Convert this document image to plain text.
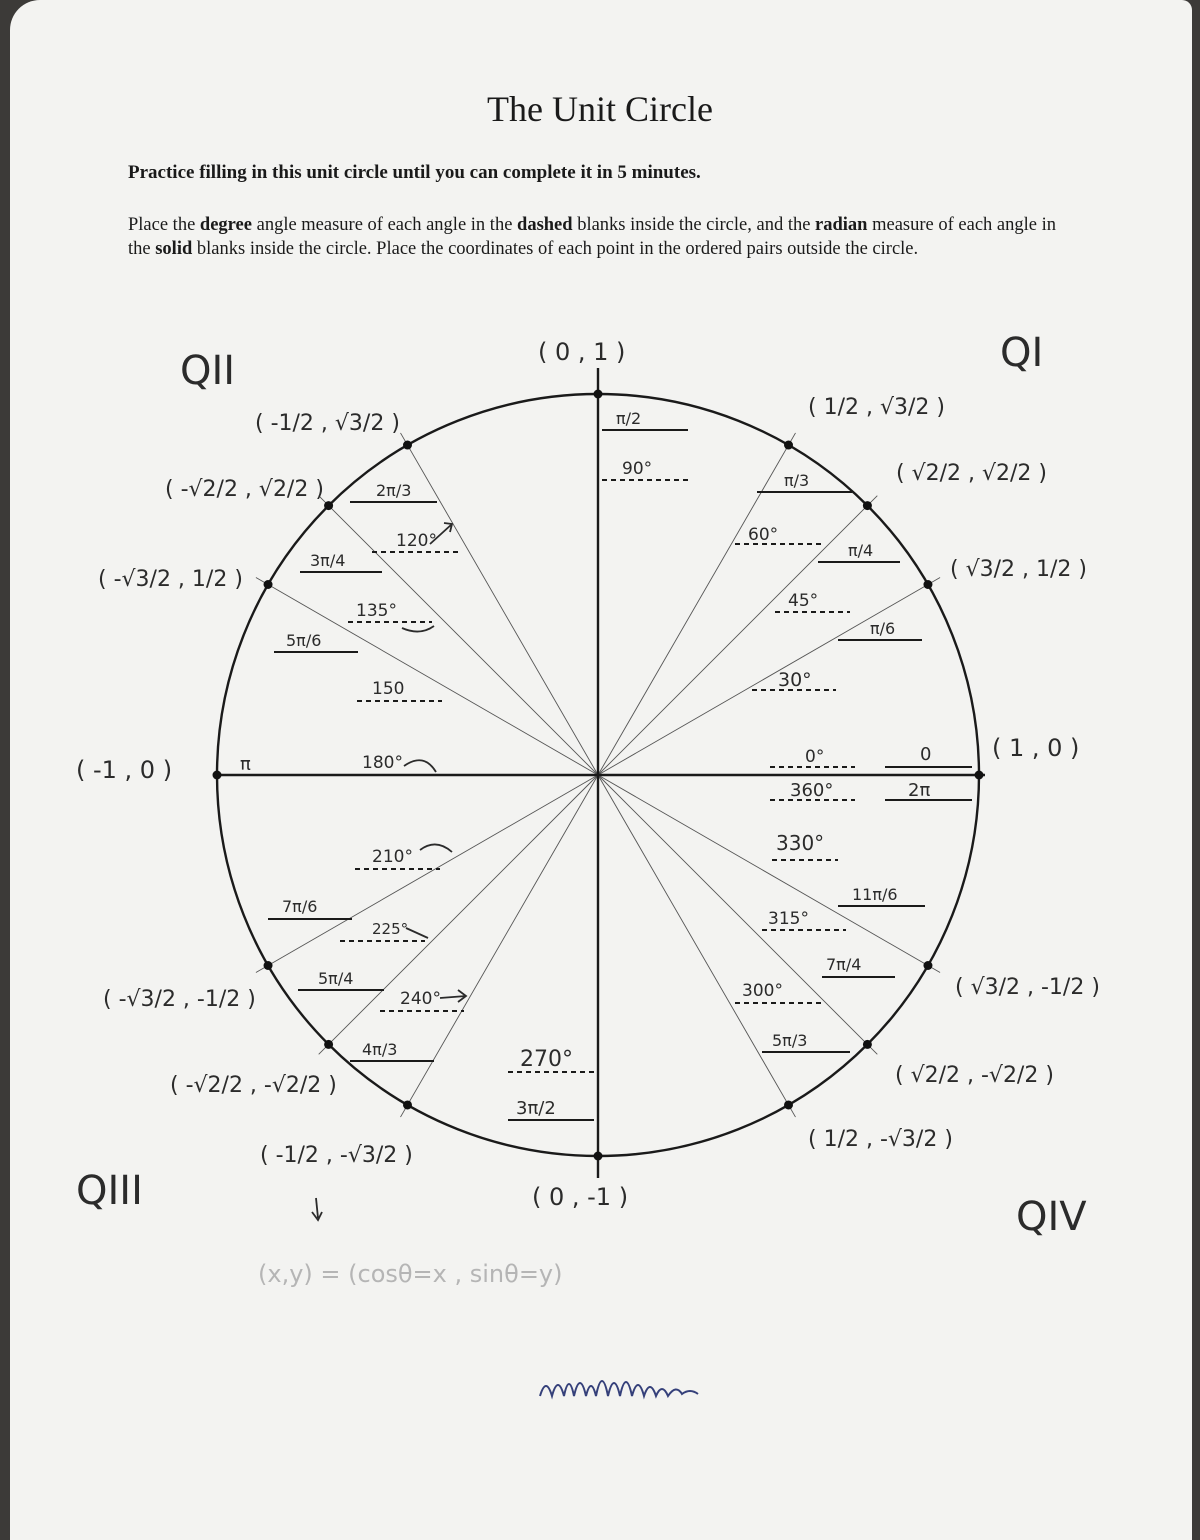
The Unit Circle
Practice filling in this unit circle until you can complete it in 5 minutes.
Place the degree angle measure of each angle in the dashed blanks inside the circle, and the radian measure of each angle in the solid blanks inside the circle. Place the coordinates of each point in the ordered pairs outside the circle.
QII	QI
QIII
QIV
( 0 , 1 )
( 0 , -1 )
( -1 , 0 )
( 1 , 0 )
( 1/2 , √3/2 )
( √2/2 , √2/2 )
( √3/2 , 1/2 )
( -1/2 , √3/2 )
( -√2/2 , √2/2 )
( -√3/2 , 1/2 )
( -√3/2 , -1/2 )
( -√2/2 , -√2/2 )
( -1/2 , -√3/2 )
( √3/2 , -1/2 )
( √2/2 , -√2/2 )
( 1/2 , -√3/2 )
90°
60°
45°
30°
0°
360°
330°
315°
300°
270°
120°
135°
150
180°
210°
225°
240°
π/2
π/3
π/4
π/6
0
2π
11π/6
7π/4
5π/3
3π/2
2π/3
3π/4
5π/6
π
7π/6
5π/4
4π/3
(x,y) = (cosθ=x , sinθ=y)
